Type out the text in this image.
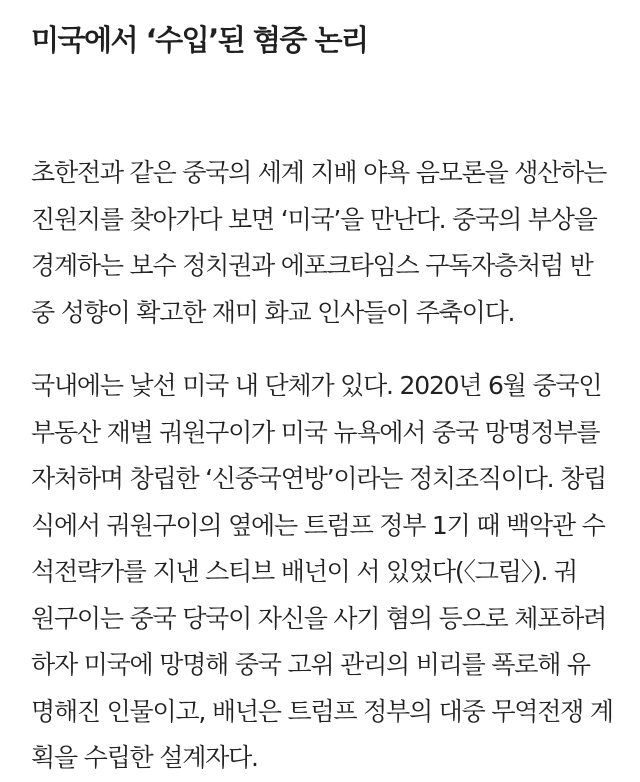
미국에서 ‘수입’된 혐중 논리

초한전과 같은 중국의 세계 지배 야욕 음모론을 생산하는
진원지를 찾아가다 보면 ‘미국’을 만난다. 중국의 부상을
경계하는 보수 정치권과 에포크타임스 구독자층처럼 반
중 성향이 확고한 재미 화교 인사들이 주축이다.

국내에는 낯선 미국 내 단체가 있다. 2020년 6월 중국인
부동산 재벌 궈원구이가 미국 뉴욕에서 중국 망명정부를
자처하며 창립한 ‘신중국연방’이라는 정치조직이다. 창립
식에서 궈원구이의 옆에는 트럼프 정부 1기 때 백악관 수
석전략가를 지낸 스티브 배넌이 서 있었다(〈그림〉). 궈
원구이는 중국 당국이 자신을 사기 혐의 등으로 체포하려
하자 미국에 망명해 중국 고위 관리의 비리를 폭로해 유
명해진 인물이고, 배넌은 트럼프 정부의 대중 무역전쟁 계
획을 수립한 설계자다.
